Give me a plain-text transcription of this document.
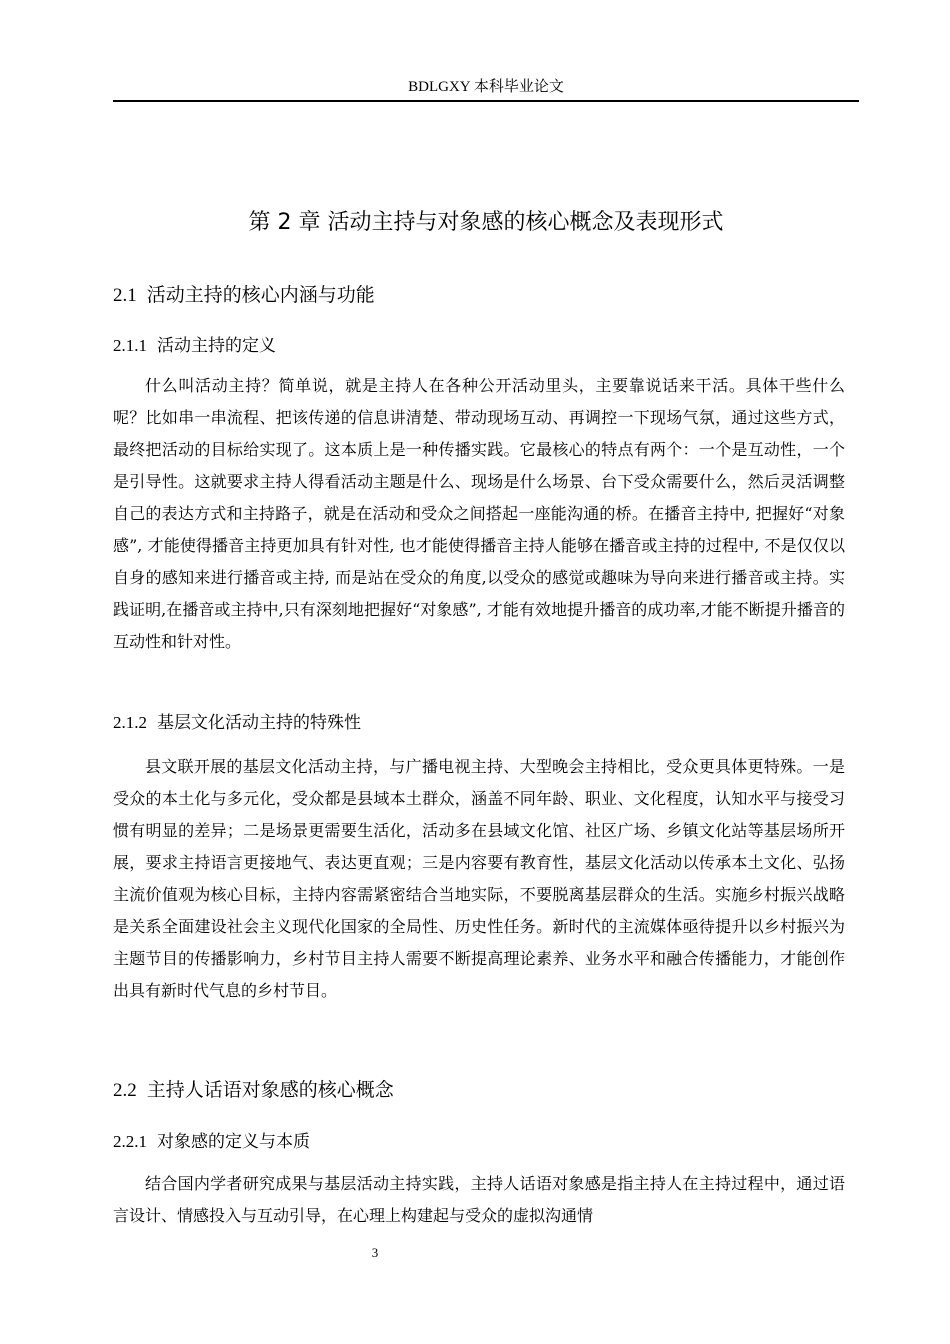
BDLGXY 本科毕业论文
第 2 章 活动主持与对象感的核心概念及表现形式
2.1 活动主持的核心内涵与功能
2.1.1 活动主持的定义

什么叫活动主持？简单说，就是主持人在各种公开活动里头，主要靠说话来干活。具体干些什么呢？比如串一串流程、把该传递的信息讲清楚、带动现场互动、再调控一下现场气氛，通过这些方式，最终把活动的目标给实现了。这本质上是一种传播实践。它最核心的特点有两个：一个是互动性，一个是引导性。这就要求主持人得看活动主题是什么、现场是什么场景、台下受众需要什么，然后灵活调整自己的表达方式和主持路子，就是在活动和受众之间搭起一座能沟通的桥。在播音主持中, 把握好“对象感”, 才能使得播音主持更加具有针对性, 也才能使得播音主持人能够在播音或主持的过程中, 不是仅仅以自身的感知来进行播音或主持, 而是站在受众的角度,以受众的感觉或趣味为导向来进行播音或主持。实践证明,在播音或主持中,只有深刻地把握好“对象感”, 才能有效地提升播音的成功率,才能不断提升播音的互动性和针对性。

2.1.2 基层文化活动主持的特殊性

县文联开展的基层文化活动主持，与广播电视主持、大型晚会主持相比，受众更具体更特殊。一是受众的本土化与多元化，受众都是县域本土群众，涵盖不同年龄、职业、文化程度，认知水平与接受习惯有明显的差异；二是场景更需要生活化，活动多在县域文化馆、社区广场、乡镇文化站等基层场所开展，要求主持语言更接地气、表达更直观；三是内容要有教育性，基层文化活动以传承本土文化、弘扬主流价值观为核心目标，主持内容需紧密结合当地实际，不要脱离基层群众的生活。实施乡村振兴战略是关系全面建设社会主义现代化国家的全局性、历史性任务。新时代的主流媒体亟待提升以乡村振兴为主题节目的传播影响力，乡村节目主持人需要不断提高理论素养、业务水平和融合传播能力，才能创作出具有新时代气息的乡村节目。

2.2 主持人话语对象感的核心概念
2.2.1 对象感的定义与本质

结合国内学者研究成果与基层活动主持实践，主持人话语对象感是指主持人在主持过程中，通过语言设计、情感投入与互动引导，在心理上构建起与受众的虚拟沟通情

3
